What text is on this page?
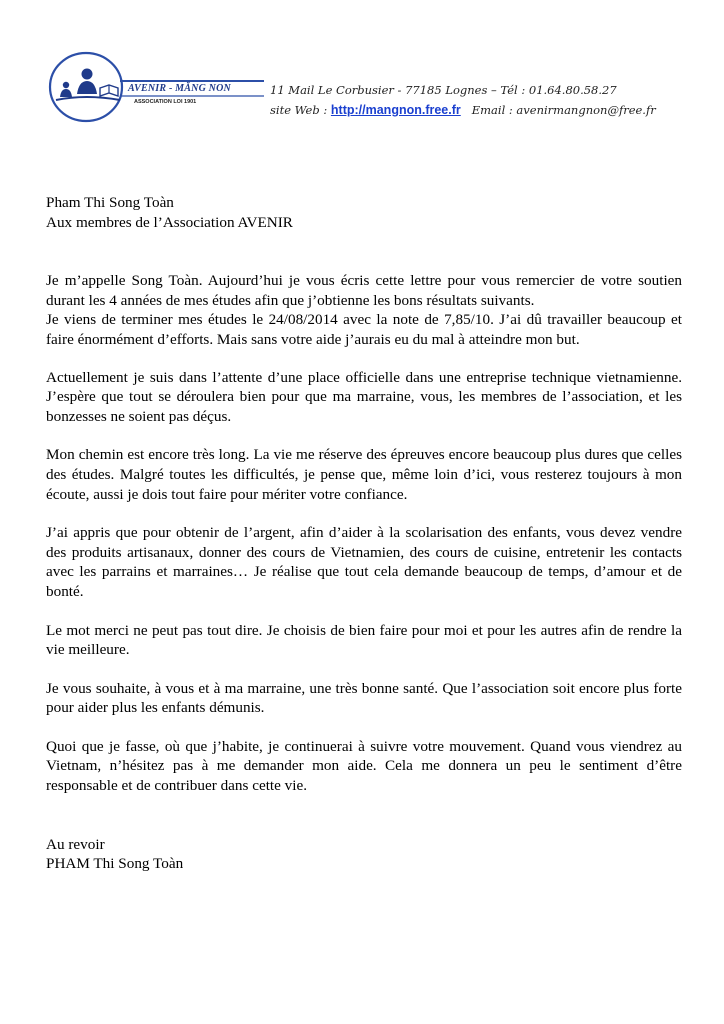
AVENIR - MĂNG NON
ASSOCIATION LOI 1901
11 Mail Le Corbusier - 77185 Lognes – Tél : 01.64.80.58.27
site Web : http://mangnon.free.fr Email : avenirmangnon@free.fr

Pham Thi Song Toàn

Aux membres de l’Association AVENIR

Je m’appelle Song Toàn. Aujourd’hui je vous écris cette lettre pour vous remercier de votre soutien durant les 4 années de mes études afin que j’obtienne les bons résultats suivants.

Je viens de terminer mes études le 24/08/2014 avec la note de 7,85/10. J’ai dû travailler beaucoup et faire énormément d’efforts. Mais sans votre aide j’aurais eu du mal à atteindre mon but.

Actuellement je suis dans l’attente d’une place officielle dans une entreprise technique vietnamienne. J’espère que tout se déroulera bien pour que ma marraine, vous, les membres de l’association, et les bonzesses ne soient pas déçus.

Mon chemin est encore très long. La vie me réserve des épreuves encore beaucoup plus dures que celles des études. Malgré toutes les difficultés, je pense que, même loin d’ici, vous resterez toujours à mon écoute, aussi je dois tout faire pour mériter votre confiance.

J’ai appris que pour obtenir de l’argent, afin d’aider à la scolarisation des enfants, vous devez vendre des produits artisanaux, donner des cours de Vietnamien, des cours de cuisine, entretenir les contacts avec les parrains et marraines… Je réalise que tout cela demande beaucoup de temps, d’amour et de bonté.

Le mot merci ne peut pas tout dire. Je choisis de bien faire pour moi et pour les autres afin de rendre la vie meilleure.

Je vous souhaite, à vous et à ma marraine, une très bonne santé. Que l’association soit encore plus forte pour aider plus les enfants démunis.

Quoi que je fasse, où que j’habite, je continuerai à suivre votre mouvement. Quand vous viendrez au Vietnam, n’hésitez pas à me demander mon aide. Cela me donnera un peu le sentiment d’être responsable et de contribuer dans cette vie.

Au revoir

PHAM Thi Song Toàn
